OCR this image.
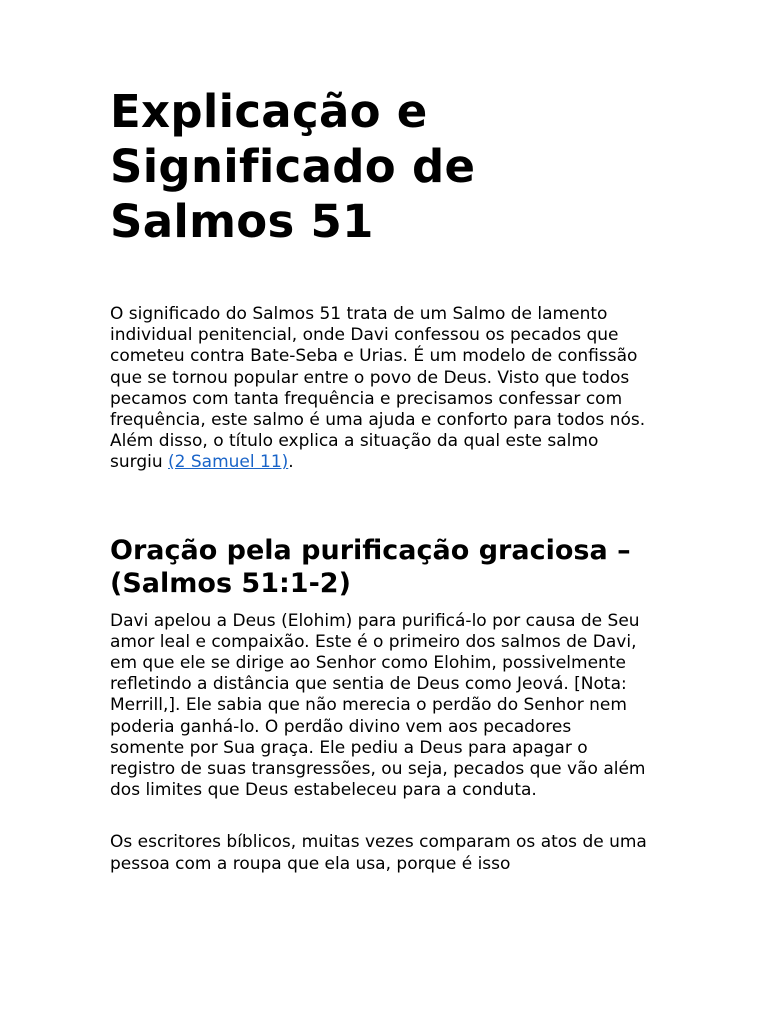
Explicação e Significado de Salmos 51

O significado do Salmos 51 trata de um Salmo de lamento individual penitencial, onde Davi confessou os pecados que cometeu contra Bate-Seba e Urias. É um modelo de confissão que se tornou popular entre o povo de Deus. Visto que todos pecamos com tanta frequência e precisamos confessar com frequência, este salmo é uma ajuda e conforto para todos nós. Além disso, o título explica a situação da qual este salmo surgiu (2 Samuel 11).

Oração pela purificação graciosa – (Salmos 51:1-2)

Davi apelou a Deus (Elohim) para purificá-lo por causa de Seu amor leal e compaixão. Este é o primeiro dos salmos de Davi, em que ele se dirige ao Senhor como Elohim, possivelmente refletindo a distância que sentia de Deus como Jeová. [Nota: Merrill,]. Ele sabia que não merecia o perdão do Senhor nem poderia ganhá-lo. O perdão divino vem aos pecadores somente por Sua graça. Ele pediu a Deus para apagar o registro de suas transgressões, ou seja, pecados que vão além dos limites que Deus estabeleceu para a conduta.

Os escritores bíblicos, muitas vezes comparam os atos de uma pessoa com a roupa que ela usa, porque é isso
